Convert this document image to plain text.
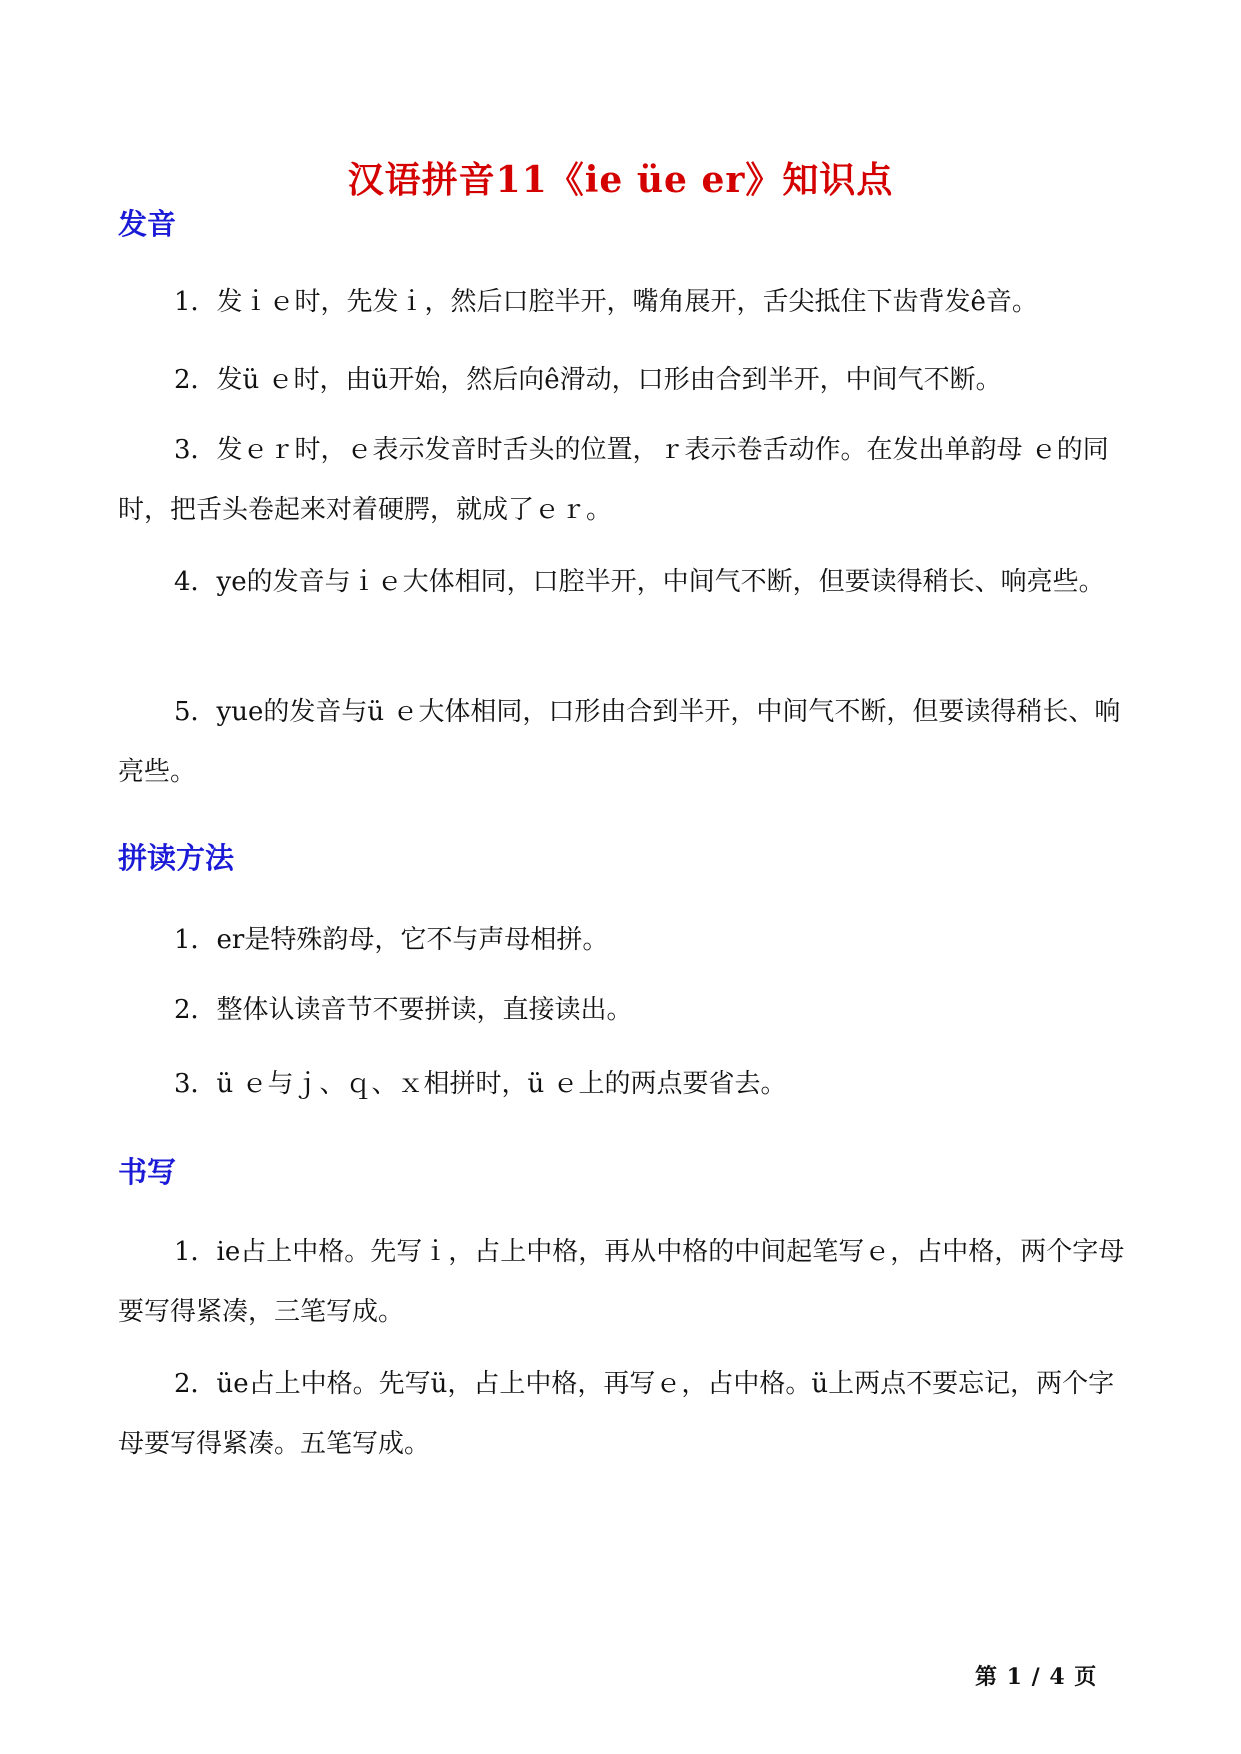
汉语拼音11《ie üe er》知识点
发音

1．发ｉｅ时，先发ｉ，然后口腔半开，嘴角展开，舌尖抵住下齿背发ê音。

2．发ü ｅ时，由ü开始，然后向ê滑动，口形由合到半开，中间气不断。

3．发ｅｒ时，ｅ表示发音时舌头的位置，ｒ表示卷舌动作。在发出单韵母 ｅ的同时，把舌头卷起来对着硬腭，就成了ｅｒ。

4．ye的发音与ｉｅ大体相同，口腔半开，中间气不断，但要读得稍长、响亮些。

5．yue的发音与ü ｅ大体相同，口形由合到半开，中间气不断，但要读得稍长、响亮些。

拼读方法

1．er是特殊韵母，它不与声母相拼。

2．整体认读音节不要拼读，直接读出。

3．ü ｅ与ｊ、ｑ、ｘ相拼时，ü ｅ上的两点要省去。

书写

1．ie占上中格。先写ｉ，占上中格，再从中格的中间起笔写ｅ，占中格，两个字母要写得紧凑，三笔写成。

2．üe占上中格。先写ü，占上中格，再写ｅ，占中格。ü上两点不要忘记，两个字母要写得紧凑。五笔写成。

第 1 / 4 页
